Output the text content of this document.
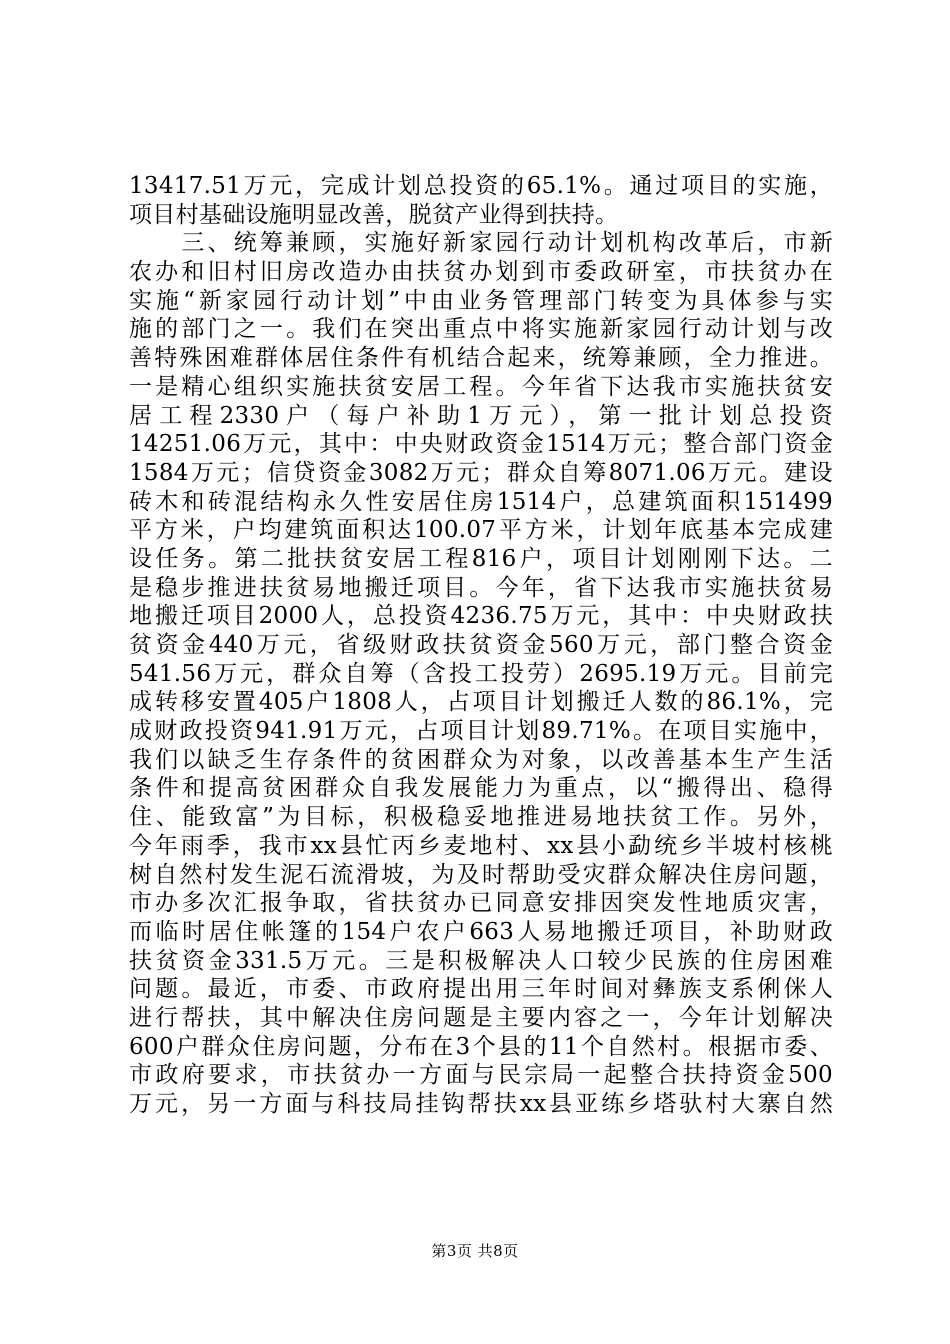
13417.51万元，完成计划总投资的65.1%。通过项目的实施，
项目村基础设施明显改善，脱贫产业得到扶持。
　　三、统筹兼顾，实施好新家园行动计划机构改革后，市新
农办和旧村旧房改造办由扶贫办划到市委政研室，市扶贫办在
实施“新家园行动计划”中由业务管理部门转变为具体参与实
施的部门之一。我们在突出重点中将实施新家园行动计划与改
善特殊困难群体居住条件有机结合起来，统筹兼顾，全力推进。
一是精心组织实施扶贫安居工程。今年省下达我市实施扶贫安
居工程2330户（每户补助1万元），第一批计划总投资
14251.06万元，其中：中央财政资金1514万元；整合部门资金
1584万元；信贷资金3082万元；群众自筹8071.06万元。建设
砖木和砖混结构永久性安居住房1514户，总建筑面积151499
平方米，户均建筑面积达100.07平方米，计划年底基本完成建
设任务。第二批扶贫安居工程816户，项目计划刚刚下达。二
是稳步推进扶贫易地搬迁项目。今年，省下达我市实施扶贫易
地搬迁项目2000人，总投资4236.75万元，其中：中央财政扶
贫资金440万元，省级财政扶贫资金560万元，部门整合资金
541.56万元，群众自筹（含投工投劳）2695.19万元。目前完
成转移安置405户1808人，占项目计划搬迁人数的86.1%，完
成财政投资941.91万元，占项目计划89.71%。在项目实施中，
我们以缺乏生存条件的贫困群众为对象，以改善基本生产生活
条件和提高贫困群众自我发展能力为重点，以“搬得出、稳得
住、能致富”为目标，积极稳妥地推进易地扶贫工作。另外，
今年雨季，我市xx县忙丙乡麦地村、xx县小勐统乡半坡村核桃
树自然村发生泥石流滑坡，为及时帮助受灾群众解决住房问题，
市办多次汇报争取，省扶贫办已同意安排因突发性地质灾害，
而临时居住帐篷的154户农户663人易地搬迁项目，补助财政
扶贫资金331.5万元。三是积极解决人口较少民族的住房困难
问题。最近，市委、市政府提出用三年时间对彝族支系俐侎人
进行帮扶，其中解决住房问题是主要内容之一，今年计划解决
600户群众住房问题，分布在3个县的11个自然村。根据市委、
市政府要求，市扶贫办一方面与民宗局一起整合扶持资金500
万元，另一方面与科技局挂钩帮扶xx县亚练乡塔驮村大寨自然
第3页 共8页
